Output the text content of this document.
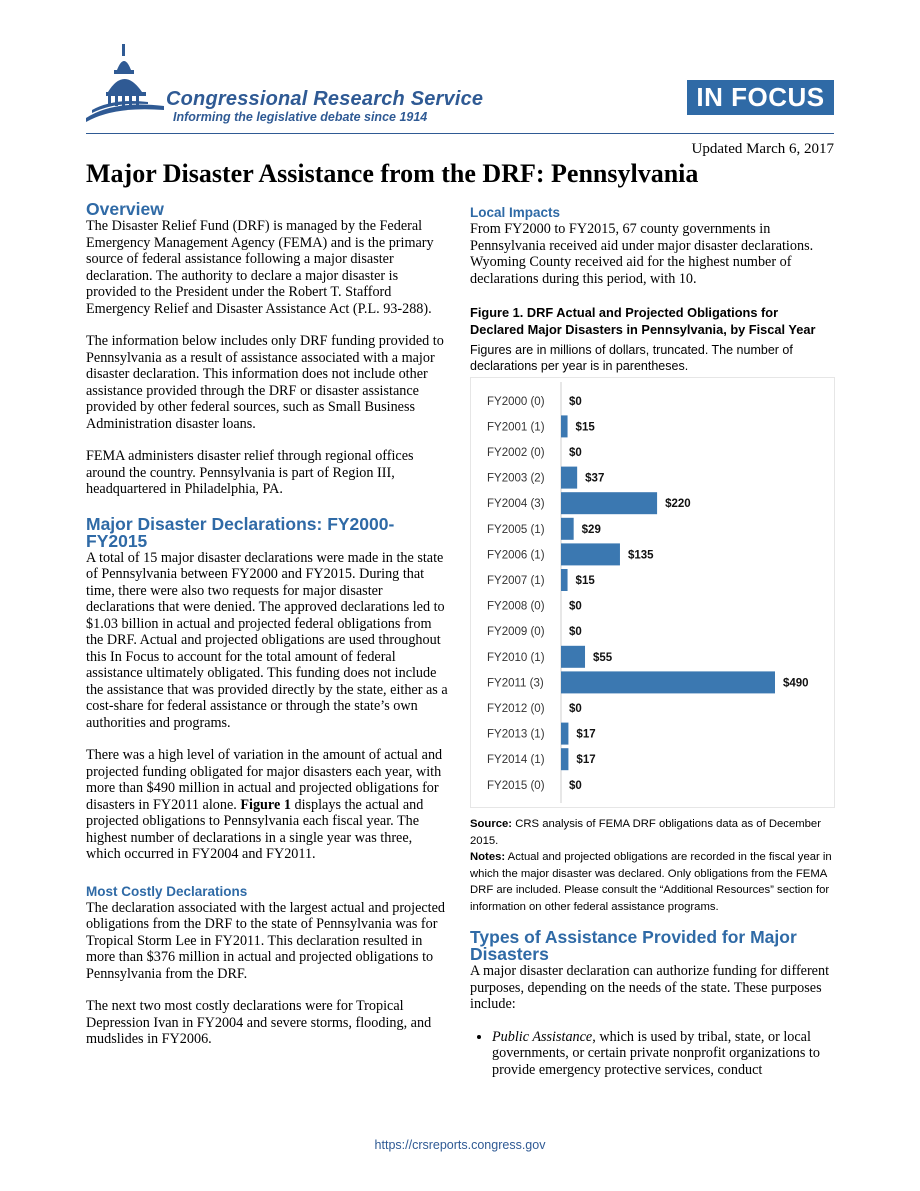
Congressional Research Service
Informing the legislative debate since 1914
IN FOCUS
Updated March 6, 2017
Major Disaster Assistance from the DRF: Pennsylvania
Overview

The Disaster Relief Fund (DRF) is managed by the Federal Emergency Management Agency (FEMA) and is the primary source of federal assistance following a major disaster declaration. The authority to declare a major disaster is provided to the President under the Robert T. Stafford Emergency Relief and Disaster Assistance Act (P.L. 93-288).

The information below includes only DRF funding provided to Pennsylvania as a result of assistance associated with a major disaster declaration. This information does not include other assistance provided through the DRF or disaster assistance provided by other federal sources, such as Small Business Administration disaster loans.

FEMA administers disaster relief through regional offices around the country. Pennsylvania is part of Region III, headquartered in Philadelphia, PA.

Major Disaster Declarations: FY2000-FY2015

A total of 15 major disaster declarations were made in the state of Pennsylvania between FY2000 and FY2015. During that time, there were also two requests for major disaster declarations that were denied. The approved declarations led to $1.03 billion in actual and projected federal obligations from the DRF. Actual and projected obligations are used throughout this In Focus to account for the total amount of federal assistance ultimately obligated. This funding does not include the assistance that was provided directly by the state, either as a cost-share for federal assistance or through the state’s own authorities and programs.

There was a high level of variation in the amount of actual and projected funding obligated for major disasters each year, with more than $490 million in actual and projected obligations for disasters in FY2011 alone. Figure 1 displays the actual and projected obligations to Pennsylvania each fiscal year. The highest number of declarations in a single year was three, which occurred in FY2004 and FY2011.

Most Costly Declarations

The declaration associated with the largest actual and projected obligations from the DRF to the state of Pennsylvania was for Tropical Storm Lee in FY2011. This declaration resulted in more than $376 million in actual and projected obligations to Pennsylvania from the DRF.

The next two most costly declarations were for Tropical Depression Ivan in FY2004 and severe storms, flooding, and mudslides in FY2006.

Local Impacts

From FY2000 to FY2015, 67 county governments in Pennsylvania received aid under major disaster declarations. Wyoming County received aid for the highest number of declarations during this period, with 10.

Figure 1. DRF Actual and Projected Obligations for Declared Major Disasters in Pennsylvania, by Fiscal Year
Figures are in millions of dollars, truncated. The number of declarations per year is in parentheses.
FY2000 (0) $0
FY2001 (1)	$15
FY2002 (0) $0
FY2003 (2)	$37
FY2004 (3)	$220
FY2005 (1)	$29
FY2006 (1)	$135
FY2007 (1)	$15
FY2008 (0) $0
FY2009 (0) $0
FY2010 (1)	$55
FY2011 (3)	$490
FY2012 (0) $0
FY2013 (1)	$17
FY2014 (1)	$17
FY2015 (0) $0
Source: CRS analysis of FEMA DRF obligations data as of December 2015.
Notes: Actual and projected obligations are recorded in the fiscal year in which the major disaster was declared. Only obligations from the FEMA DRF are included. Please consult the “Additional Resources” section for information on other federal assistance programs.
Types of Assistance Provided for Major Disasters

A major disaster declaration can authorize funding for different purposes, depending on the needs of the state. These purposes include:

• Public Assistance, which is used by tribal, state, or local governments, or certain private nonprofit organizations to provide emergency protective services, conduct
https://crsreports.congress.gov
